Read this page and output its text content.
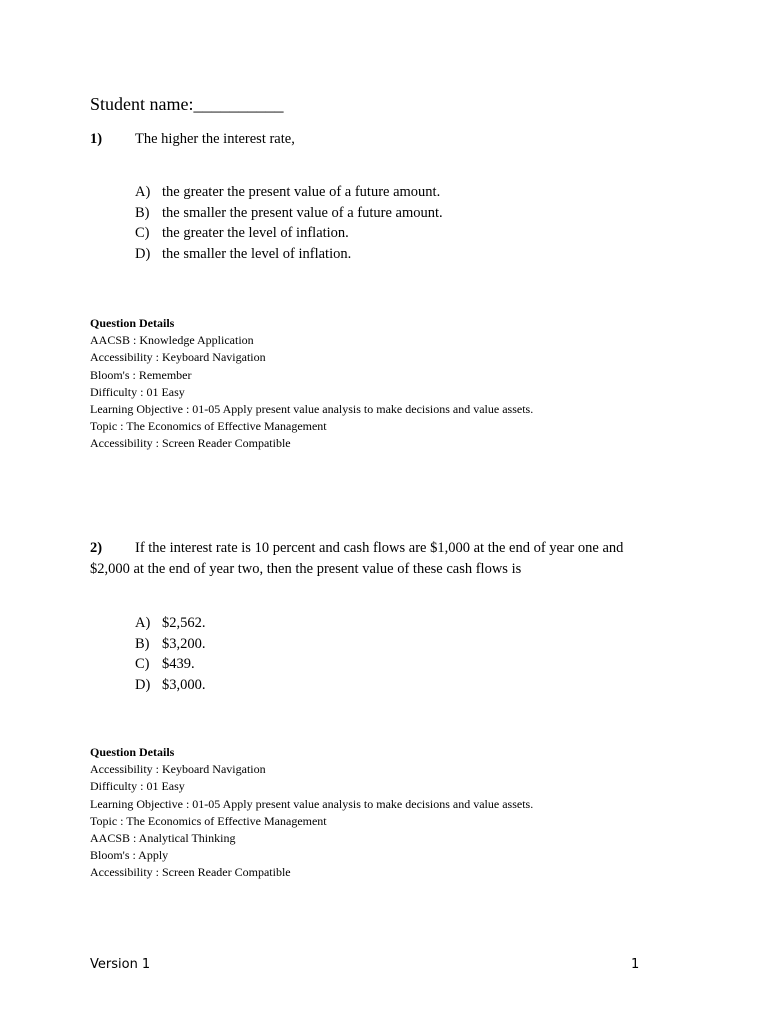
Student name:__________

1) The higher the interest rate,

A) the greater the present value of a future amount.
B) the smaller the present value of a future amount.
C) the greater the level of inflation.
D) the smaller the level of inflation.
Question Details
AACSB : Knowledge Application
Accessibility : Keyboard Navigation
Bloom's : Remember
Difficulty : 01 Easy
Learning Objective : 01-05 Apply present value analysis to make decisions and value assets.
Topic : The Economics of Effective Management
Accessibility : Screen Reader Compatible

2) If the interest rate is 10 percent and cash flows are $1,000 at the end of year one and $2,000 at the end of year two, then the present value of these cash flows is

A) $2,562.
B) $3,200.
C) $439.
D) $3,000.
Question Details
Accessibility : Keyboard Navigation
Difficulty : 01 Easy
Learning Objective : 01-05 Apply present value analysis to make decisions and value assets.
Topic : The Economics of Effective Management
AACSB : Analytical Thinking
Bloom's : Apply
Accessibility : Screen Reader Compatible
Version 1	1
